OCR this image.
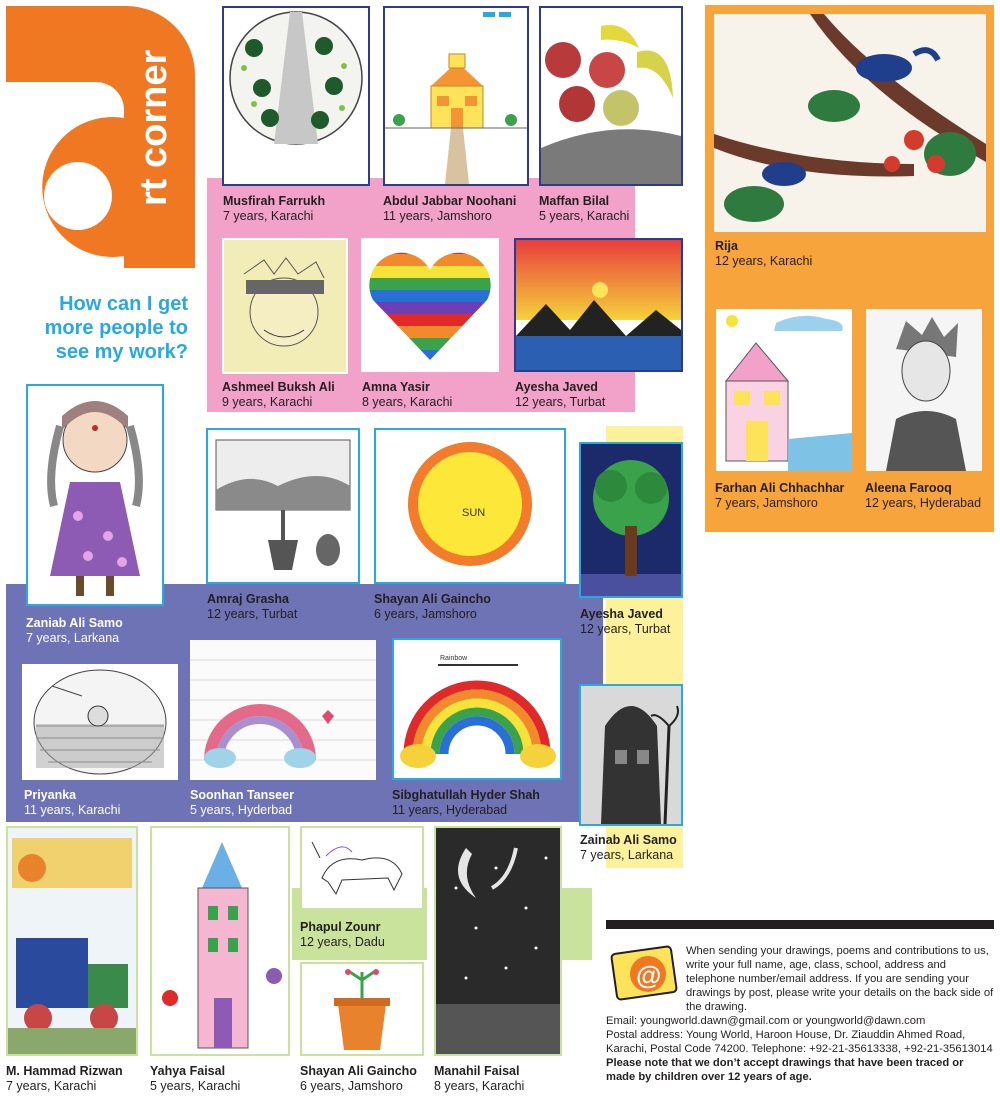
rt corner
How can I get more people to see my work?
Musfirah Farrukh
7 years, Karachi
Abdul Jabbar Noohani
11 years, Jamshoro
Maffan Bilal
5 years, Karachi
Rija
12 years, Karachi
Ashmeel Buksh Ali
9 years, Karachi
Amna Yasir
8 years, Karachi
Ayesha Javed
12 years, Turbat
Farhan Ali Chhachhar
7 years, Jamshoro
Aleena Farooq
12 years, Hyderabad
Zaniab Ali Samo
7 years, Larkana
Amraj Grasha
12 years, Turbat
SUN
Shayan Ali Gaincho
6 years, Jamshoro	Ayesha Javed
12 years, Turbat
Priyanka
11 years, Karachi
Soonhan Tanseer
5 years, Hyderbad
Rainbow
Sibghatullah Hyder Shah
11 years, Hyderabad
Zainab Ali Samo
7 years, Larkana
M. Hammad Rizwan
7 years, Karachi
Yahya Faisal
5 years, Karachi
Phapul Zounr
12 years, Dadu
Shayan Ali Gaincho
6 years, Jamshoro
Manahil Faisal
8 years, Karachi
@

When sending your drawings, poems and contributions to us, write your full name, age, class, school, address and telephone number/email address. If you are sending your drawings by post, please write your details on the back side of the drawing.

Email: youngworld.dawn@gmail.com or youngworld@dawn.com

Postal address: Young World, Haroon House, Dr. Ziauddin Ahmed Road, Karachi, Postal Code 74200. Telephone: +92-21-35613338, +92-21-35613014

Please note that we don’t accept drawings that have been traced or made by children over 12 years of age.
